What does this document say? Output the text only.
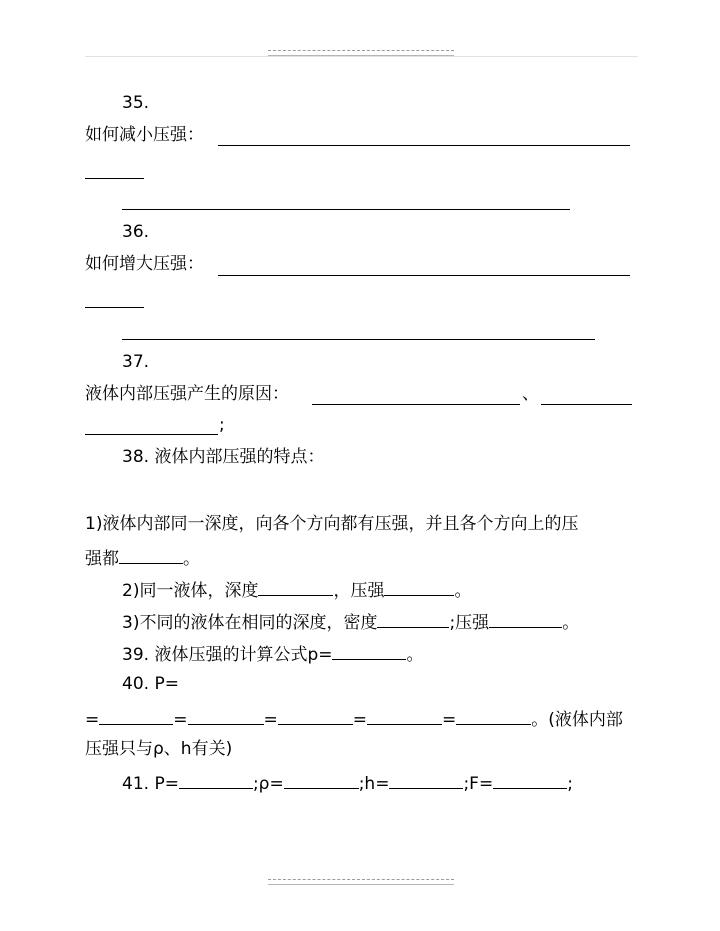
35.
如何减小压强：
36.
如何增大压强：
37.
液体内部压强产生的原因：	、
;
38. 液体内部压强的特点：
1)液体内部同一深度，向各个方向都有压强，并且各个方向上的压
强都	。
2)同一液体，深度	，压强	。
3)不同的液体在相同的深度，密度	;压强	。
39. 液体压强的计算公式p=	。
40. P=
=	=	=	=	=	。(液体内部
压强只与ρ、h有关)
41. P=	;ρ=	;h=	;F=	;
